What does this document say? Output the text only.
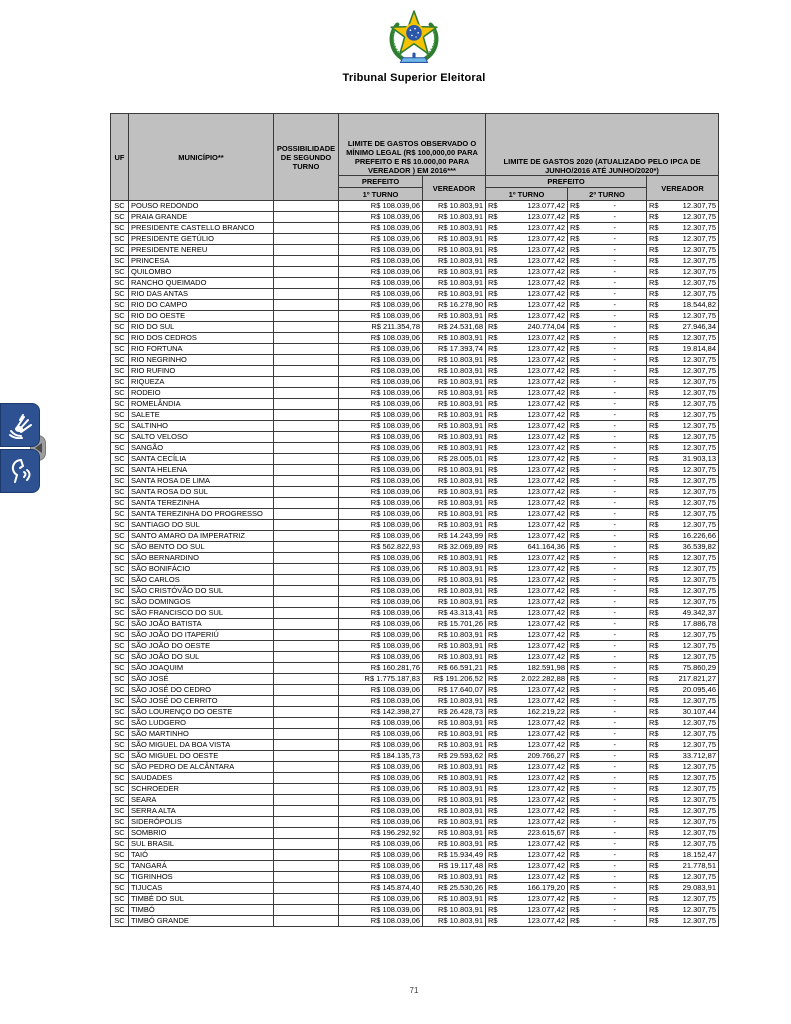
Tribunal Superior Eleitoral
UF	MUNICÍPIO**	POSSIBILIDADE DE SEGUNDO TURNO	LIMITE DE GASTOS OBSERVADO O MÍNIMO LEGAL (R$ 100,000,00 PARA PREFEITO E R$ 10.000,00 PARA VEREADOR ) EM 2016***		LIMITE DE GASTOS 2020 (ATUALIZADO PELO IPCA DE JUNHO/2016 ATÉ JUNHO/2020*)		
			PREFEITO	VEREADOR	PREFEITO		VEREADOR
			1º TURNO		1º TURNO	2º TURNO	
SC	POUSO REDONDO		R$ 108.039,06	R$ 10.803,91	R$ 123.077,42	R$ -	R$ 12.307,75

SC	PRAIA GRANDE		R$ 108.039,06	R$ 10.803,91	R$ 123.077,42	R$ -	R$ 12.307,75

SC	PRESIDENTE CASTELLO BRANCO		R$ 108.039,06	R$ 10.803,91	R$ 123.077,42	R$ -	R$ 12.307,75

SC	PRESIDENTE GETÚLIO		R$ 108.039,06	R$ 10.803,91	R$ 123.077,42	R$ -	R$ 12.307,75

SC	PRESIDENTE NEREU		R$ 108.039,06	R$ 10.803,91	R$ 123.077,42	R$ -	R$ 12.307,75

SC	PRINCESA		R$ 108.039,06	R$ 10.803,91	R$ 123.077,42	R$ -	R$ 12.307,75

SC	QUILOMBO		R$ 108.039,06	R$ 10.803,91	R$ 123.077,42	R$ -	R$ 12.307,75

SC	RANCHO QUEIMADO		R$ 108.039,06	R$ 10.803,91	R$ 123.077,42	R$ -	R$ 12.307,75

SC	RIO DAS ANTAS		R$ 108.039,06	R$ 10.803,91	R$ 123.077,42	R$ -	R$ 12.307,75

SC	RIO DO CAMPO		R$ 108.039,06	R$ 16.278,90	R$ 123.077,42	R$ -	R$ 18.544,82

SC	RIO DO OESTE		R$ 108.039,06	R$ 10.803,91	R$ 123.077,42	R$ -	R$ 12.307,75

SC	RIO DO SUL		R$ 211.354,78	R$ 24.531,68	R$ 240.774,04	R$ -	R$ 27.946,34

SC	RIO DOS CEDROS		R$ 108.039,06	R$ 10.803,91	R$ 123.077,42	R$ -	R$ 12.307,75

SC	RIO FORTUNA		R$ 108.039,06	R$ 17.393,74	R$ 123.077,42	R$ -	R$ 19.814,84

SC	RIO NEGRINHO		R$ 108.039,06	R$ 10.803,91	R$ 123.077,42	R$ -	R$ 12.307,75

SC	RIO RUFINO		R$ 108.039,06	R$ 10.803,91	R$ 123.077,42	R$ -	R$ 12.307,75

SC	RIQUEZA		R$ 108.039,06	R$ 10.803,91	R$ 123.077,42	R$ -	R$ 12.307,75

SC	RODEIO		R$ 108.039,06	R$ 10.803,91	R$ 123.077,42	R$ -	R$ 12.307,75

SC	ROMELÂNDIA		R$ 108.039,06	R$ 10.803,91	R$ 123.077,42	R$ -	R$ 12.307,75

SC	SALETE		R$ 108.039,06	R$ 10.803,91	R$ 123.077,42	R$ -	R$ 12.307,75

SC	SALTINHO		R$ 108.039,06	R$ 10.803,91	R$ 123.077,42	R$ -	R$ 12.307,75

SC	SALTO VELOSO		R$ 108.039,06	R$ 10.803,91	R$ 123.077,42	R$ -	R$ 12.307,75

SC	SANGÃO		R$ 108.039,06	R$ 10.803,91	R$ 123.077,42	R$ -	R$ 12.307,75

SC	SANTA CECÍLIA		R$ 108.039,06	R$ 28.005,01	R$ 123.077,42	R$ -	R$ 31.903,13

SC	SANTA HELENA		R$ 108.039,06	R$ 10.803,91	R$ 123.077,42	R$ -	R$ 12.307,75

SC	SANTA ROSA DE LIMA		R$ 108.039,06	R$ 10.803,91	R$ 123.077,42	R$ -	R$ 12.307,75

SC	SANTA ROSA DO SUL		R$ 108.039,06	R$ 10.803,91	R$ 123.077,42	R$ -	R$ 12.307,75

SC	SANTA TEREZINHA		R$ 108.039,06	R$ 10.803,91	R$ 123.077,42	R$ -	R$ 12.307,75

SC	SANTA TEREZINHA DO PROGRESSO		R$ 108.039,06	R$ 10.803,91	R$ 123.077,42	R$ -	R$ 12.307,75

SC	SANTIAGO DO SUL		R$ 108.039,06	R$ 10.803,91	R$ 123.077,42	R$ -	R$ 12.307,75

SC	SANTO AMARO DA IMPERATRIZ		R$ 108.039,06	R$ 14.243,99	R$ 123.077,42	R$ -	R$ 16.226,66

SC	SÃO BENTO DO SUL		R$ 562.822,93	R$ 32.069,89	R$ 641.164,36	R$ -	R$ 36.539,82

SC	SÃO BERNARDINO		R$ 108.039,06	R$ 10.803,91	R$ 123.077,42	R$ -	R$ 12.307,75

SC	SÃO BONIFÁCIO		R$ 108.039,06	R$ 10.803,91	R$ 123.077,42	R$ -	R$ 12.307,75

SC	SÃO CARLOS		R$ 108.039,06	R$ 10.803,91	R$ 123.077,42	R$ -	R$ 12.307,75

SC	SÃO CRISTÓVÃO DO SUL		R$ 108.039,06	R$ 10.803,91	R$ 123.077,42	R$ -	R$ 12.307,75

SC	SÃO DOMINGOS		R$ 108.039,06	R$ 10.803,91	R$ 123.077,42	R$ -	R$ 12.307,75

SC	SÃO FRANCISCO DO SUL		R$ 108.039,06	R$ 43.313,41	R$ 123.077,42	R$ -	R$ 49.342,37

SC	SÃO JOÃO BATISTA		R$ 108.039,06	R$ 15.701,26	R$ 123.077,42	R$ -	R$ 17.886,78

SC	SÃO JOÃO DO ITAPERIÚ		R$ 108.039,06	R$ 10.803,91	R$ 123.077,42	R$ -	R$ 12.307,75

SC	SÃO JOÃO DO OESTE		R$ 108.039,06	R$ 10.803,91	R$ 123.077,42	R$ -	R$ 12.307,75

SC	SÃO JOÃO DO SUL		R$ 108.039,06	R$ 10.803,91	R$ 123.077,42	R$ -	R$ 12.307,75

SC	SÃO JOAQUIM		R$ 160.281,76	R$ 66.591,21	R$ 182.591,98	R$ -	R$ 75.860,29

SC	SÃO JOSÉ		R$ 1.775.187,83	R$ 191.206,52	R$ 2.022.282,88	R$ -	R$ 217.821,27

SC	SÃO JOSÉ DO CEDRO		R$ 108.039,06	R$ 17.640,07	R$ 123.077,42	R$ -	R$ 20.095,46

SC	SÃO JOSÉ DO CERRITO		R$ 108.039,06	R$ 10.803,91	R$ 123.077,42	R$ -	R$ 12.307,75

SC	SÃO LOURENÇO DO OESTE		R$ 142.398,27	R$ 26.428,73	R$ 162.219,22	R$ -	R$ 30.107,44

SC	SÃO LUDGERO		R$ 108.039,06	R$ 10.803,91	R$ 123.077,42	R$ -	R$ 12.307,75

SC	SÃO MARTINHO		R$ 108.039,06	R$ 10.803,91	R$ 123.077,42	R$ -	R$ 12.307,75

SC	SÃO MIGUEL DA BOA VISTA		R$ 108.039,06	R$ 10.803,91	R$ 123.077,42	R$ -	R$ 12.307,75

SC	SÃO MIGUEL DO OESTE		R$ 184.135,73	R$ 29.593,62	R$ 209.766,27	R$ -	R$ 33.712,87

SC	SÃO PEDRO DE ALCÂNTARA		R$ 108.039,06	R$ 10.803,91	R$ 123.077,42	R$ -	R$ 12.307,75

SC	SAUDADES		R$ 108.039,06	R$ 10.803,91	R$ 123.077,42	R$ -	R$ 12.307,75

SC	SCHROEDER		R$ 108.039,06	R$ 10.803,91	R$ 123.077,42	R$ -	R$ 12.307,75

SC	SEARA		R$ 108.039,06	R$ 10.803,91	R$ 123.077,42	R$ -	R$ 12.307,75

SC	SERRA ALTA		R$ 108.039,06	R$ 10.803,91	R$ 123.077,42	R$ -	R$ 12.307,75

SC	SIDERÓPOLIS		R$ 108.039,06	R$ 10.803,91	R$ 123.077,42	R$ -	R$ 12.307,75

SC	SOMBRIO		R$ 196.292,92	R$ 10.803,91	R$ 223.615,67	R$ -	R$ 12.307,75

SC	SUL BRASIL		R$ 108.039,06	R$ 10.803,91	R$ 123.077,42	R$ -	R$ 12.307,75

SC	TAIÓ		R$ 108.039,06	R$ 15.934,49	R$ 123.077,42	R$ -	R$ 18.152,47

SC	TANGARÁ		R$ 108.039,06	R$ 19.117,48	R$ 123.077,42	R$ -	R$ 21.778,51

SC	TIGRINHOS		R$ 108.039,06	R$ 10.803,91	R$ 123.077,42	R$ -	R$ 12.307,75

SC	TIJUCAS		R$ 145.874,40	R$ 25.530,26	R$ 166.179,20	R$ -	R$ 29.083,91

SC	TIMBÉ DO SUL		R$ 108.039,06	R$ 10.803,91	R$ 123.077,42	R$ -	R$ 12.307,75

SC	TIMBÓ		R$ 108.039,06	R$ 10.803,91	R$ 123.077,42	R$ -	R$ 12.307,75

SC	TIMBÓ GRANDE		R$ 108.039,06	R$ 10.803,91	R$ 123.077,42	R$ -	R$ 12.307,75
71
